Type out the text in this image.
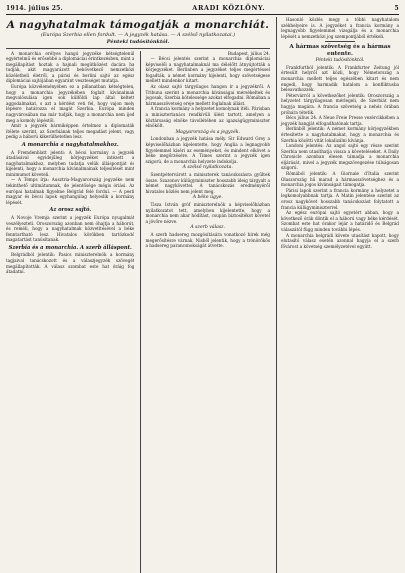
1914. július 25.	ARADI KÖZLÖNY.	5
A nagyhatalmak támogatják a monarchiát.
(Európa Szerbia ellen fordult. — A jegyzék hatása. — A szélső nyilatkozatai.)
Pénteki tudósítónktól.

A monarchia erélyes hangú jegyzéke kétségtelenül egyértelmű és erősebbé a diplomáciai érintkezésben, mint a megállapítást hoztak a hajnali megütközést dacára ha tudják, akit magyarázott bekövetkező nemzetközi közéletbeli életről, a párisi és berlini sajtó az egész diplomáciai sajtójában egyaránt veszteséget mutatja.

Európa közvéleményében ez a pillanatban kétségtelen, hogy a monarchia jegyzékében foglalt kívánalmak megvalósulása igen sok külföldi lap által keltett aggodalmakat, s azt a kérdést veti fel, hogy vajon mely lépésre határozza el magát Szerbia. Európa minden nagyvárosában ma már tudják, hogy a monarchia nem ijed meg a komoly lépéstől.

Amit a jegyzék bármiképpen értelmez a diplomaták ítélete szerint, az Szerbiának teljes megadást jelent, vagy pedig a háború kikerülhetetlen lesz.

A monarchia a nagyhatalmakhoz.

A Fremdenblatt jelenti: A bécsi kormány a jegyzék átadásával egyidejűleg körjegyzéket intézett a nagyhatalmakhoz, melyben tudatja velük álláspontját és kijelenti, hogy a monarchia kívánalmainak teljesítését mint minimumot követeli.

— A Temps írja: Ausztria-Magyarország jegyzéke nem tekinthető ultimátumnak, de jelentősége mégis óriási. Az európai hatalmak figyelme Belgrád felé fordul. — A pesti magyar és bécsi lapok egyhangúlag helyeslik a kormány lépését.

Az orosz sajtó.

A Novoje Vremja szerint a jegyzék Európa nyugalmát veszélyezteti. Oroszország azonban nem óhajtja a háborút, és reméli, hogy a nagyhatalmak közvetítésével a béke fenntartható lesz. Hivatalos körökben tartózkodó magatartást tanúsítanak.

Szerbia és a monarchia. A szerb álláspont.

Belgrádból jelentik: Pasics miniszterelnök a kormány tagjaival tanácskozott és a válaszjegyzék szövegét megállapították. A válasz szombat este hat óráig fog átadatni.

Budapest, július 24.

— Bécsi jelentés szerint a monarchia diplomáciai képviselői a nagyhatalmaknál ma délelőtt átnyújtották a körjegyzéket. Berlinben a jegyzéket teljes megértéssel fogadták, a német kormány kijelenti, hogy szövetségese mellett mindenkor kitart.

Az olasz sajtó tárgyilagos hangon ír a jegyzékről. A Tribuna szerint a monarchia kívánságai mérsékeltek és jogosak, Szerbia kötelessége azokat elfogadni. Rómában a hármasszövetség ereje mellett foglalnak állást.

A francia kormány a helyzetet komolynak ítéli. Párisban a minisztertanács rendkívüli ülést tartott, amelyen a köztársaság elnöke távollétében az igazságügyminiszter elnökölt.

Magyarország és a jegyzék.

Londonban a jegyzék hatása mély. Sir Edward Grey a képviselőházban kijelentette, hogy Anglia a legnagyobb figyelemmel kíséri az eseményeket, és mindent elkövet a béke megőrzésére. A Times szerint a jegyzék igen szigorú, de a monarchia helyzete indokolja.

A szélső nyilatkozata.

Szentpétervárott a miniszterek tanácskozásra gyűltek össze. Szazonov külügyminiszter hosszabb ideig tárgyalt a német nagykövettel. A tanácskozás eredményéről hivatalos közlés nem jelent meg.

A béke ügye.

Tisza István gróf miniszterelnök a képviselőházban nyilatkozatot tett, amelyben kijelentette, hogy a monarchia nem akar hódítást, csupán biztosítékot követel a jövőre nézve.

A szerb válasz.

A szerb hadsereg mozgósítására vonatkozó hírek még megerősítésre várnak. Nisből jelentik, hogy a trónörökös a hadsereg parancsnokságát átvette.

Hasonló közlés megy a többi nagyhatalom székhelyeire is. A jegyzéket a francia kormány a legnagyobb figyelemmel vizsgálja és a monarchia lépését a nemzetközi jog szempontjából értékeli.

A hármas szövetség és a hármas entente.
Pénteki tudósítónktól.

Frankfurtból jelentik: A Frankfurter Zeitung jól értesült helyről azt közli, hogy Németország a monarchia mellett teljes egészében kitart és nem engedi, hogy harmadik hatalom a konfliktusba beleavatkozzék.

Pétervárról a következőket jelentik: Oroszország a helyzetet tárgyilagosan mérlegeli, de Szerbiát nem hagyja magára. A francia szövetség a nehéz órában próbára tétetik.

Bécs július 24. A Neue Freie Presse vezércikkében a jegyzék hangját elfogadhatónak tartja.

Berlinből jelentik: A német kormány körjegyzékben értesítette a nagyhatalmakat, hogy a monarchia és Szerbia közötti vitát lokalizálni kívánja.

Londoni jelentés: Az angol sajtó egy része szerint Szerbia nem utasíthatja vissza a követeléseket. A Daily Chronicle azonban élesen támadja a monarchia eljárását, mivel a jegyzék megszövegezése túlságosan szigorú.

Rómából jelentik: A Giornale d'Italia szerint Olaszország hű marad a hármasszövetséghez és a monarchia jogos kívánságait támogatja.

Párisi lapok szerint a francia kormány a helyzetet a legkomolyabbnak tartja. A Matin jelentése szerint az orosz nagykövet hosszabb tanácskozást folytatott a francia külügyminiszterrel.

Az egész európai sajtó egyetért abban, hogy a következő órák döntik el a háború vagy béke kérdését. Szombat este hat órakor lejár a határidő és Belgrád válaszától függ minden további lépés.

A monarchia belgrádi követe utasítást kapott, hogy elutasító válasz esetén azonnal hagyja el a szerb fővárost a követség személyzetével együtt.
